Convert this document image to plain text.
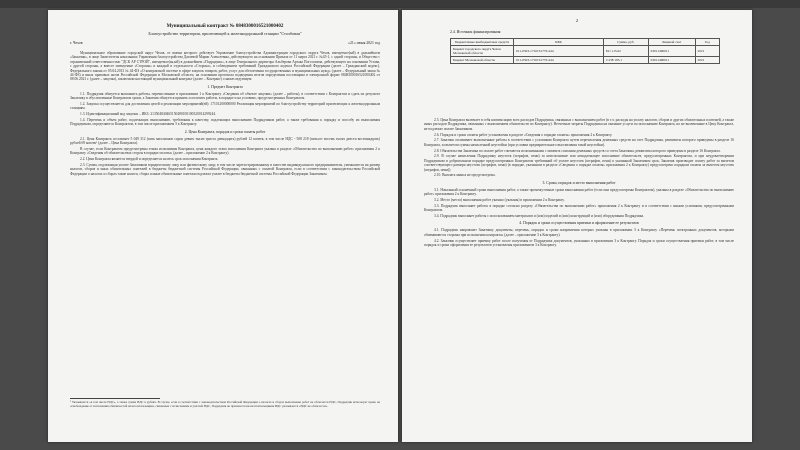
Муниципальный контракт № 0848300016521000402
Благоустройство территории, прилегающей к железнодорожной станции "Столбовая"
г. Чехов	«21» июня 2021 год
Муниципальное образование городской округ Чехов, от имени которого действует Управление благоустройства Администрации городского округа Чехов, именуемое(ый) в дальнейшем «Заказчик», в лице Заместителя начальника Управления благоустройства Дагаевой Марии Алексеевны, действующего на основании Приказа от 11 марта 2021 г. №45-1, с одной стороны, и Общество с ограниченной ответственностью "ДСК АР СТРОЙ", именуемое(ая,ый) в дальнейшем «Подрядчик», в лице Генерального директора Альберова Артака Погосовича, действующего на основании Устава, с другой стороны, а вместе именуемые «Стороны» и каждый в отдельности «Сторона», в соблюдением требований Гражданского кодекса Российской Федерации (далее – Гражданский кодекс), Федерального закона от 05.04.2013 № 44-ФЗ «О контрактной системе в сфере закупок товаров, работ, услуг для обеспечения государственных и муниципальных нужд» (далее – Федеральный закон № 44-ФЗ) и иных правовых актов Российской Федерации и Московской области, на основании протокола подведения итогов определения поставщика в электронной форме 0848300016521000402 от 08.06.2021 г. (далее – закупка), заключили настоящий муниципальный контракт (далее – Контракт) о нижеследующем:
1. Предмет Контракта
1.1. Подрядчик обязуется выполнить работы, перечисленные в приложении 1 к Контракту «Сведения об объекте закупки» (далее – работы), в соответствии с Контрактом и сдать их результат Заказчику в обусловленные Контрактом сроки, а Заказчик обязуется принять и оплатить работы, в порядке и на условиях, предусмотренных Контрактом.
1.2. Закупка осуществляется для достижения целей и реализации мероприятий(ей): 17101200000000 Реализация мероприятий по благоустройству территорий прилегающих к железнодорожным станциям.
1.3. Идентификационный код закупки – ИКЗ: 213504840465150480100100320014299244.
1.4. Перечень и объем работ, подлежащих выполнению, требования к качеству, подлежащих выполнению Подрядчиком работ, а также требования к порядку и способу их выполнения Подрядчиком, определяются Контрактом, в том числе приложением 5 к Контракту.
2. Цена Контракта, порядок и сроки оплаты работ
2.1. Цена Контракта составляет 5 049 312 (пять миллионов сорок девять тысяч триста двенадцать) рублей 12 копеек, в том числе НДС - 508 218 (пятьсот восемь тысяч двести восемнадцать) рублей 69 копеек¹ (далее – Цена Контракта).
В случае, если Контрактом предусмотрены этапы исполнения Контракта, цена каждого этапа исполнения Контракта указана в разделе «Обязательства по выполнению работ» приложения 2 к Контракту «Сведения об обязательствах сторон в порядке оплаты» (далее – приложение 2 к Контракту).
2.2. Цена Контракта является твердой и определяется на весь срок исполнения Контракта.
2.3. Сумма, подлежащая уплате Заказчиком юридическому лицу или физическому лицу, в том числе зарегистрированному в качестве индивидуального предпринимателя, уменьшается на размер налогов, сборов и иных обязательных платежей в бюджеты бюджетной системы Российской Федерации, связанных с оплатой Контракта, если в соответствии с законодательством Российской Федерации о налогах и сборах такие налоги, сборы и иные обязательные платежи подлежат уплате в бюджеты бюджетной системы Российской Федерации Заказчиком.
¹ Указывается «в том числе НДС», а также сумма НДС в рублях. В случае, если в соответствии с законодательством Российской Федерации о налогах и сборах выполнение работ не облагается НДС, Подрядчик использует право на освобождение от исполнения обязанностей налогоплательщика, связанных с исчислением и уплатой НДС, Подрядчик не признается налогоплательщиком НДС указывается «НДС не облагается».
2
2.4. Источник финансирования:
Бюджет/иные внебюджетные средств	КБК	Сумма, руб.	Лицевой счет	Год
Бюджет городского округа Чехов Московской области	011-0503-17101S1770-244	811 115.02	03011490011	2021
Бюджет Московской области	011-0503-17101S1770-244	2 238 195.1	03011490011	2021
2.5. Цена Контракта включает в себя компенсацию всех расходов Подрядчика, связанных с выполнением работ (в т.ч. расходы на уплату налогов, сборов и других обязательных платежей, а также иных расходов Подрядчика, связанных с выполнением обязательств по Контракту). Несчетные затраты Подрядчика на оказание услуги по исполнению Контракта, но не включенные в Цену Контракта, не подлежат оплате Заказчиком.
2.6. Порядок и сроки оплаты работ установлены в разделе «Сведения о порядке оплаты» приложения 2 к Контракту.
2.7. Заказчик оплачивает выполненные работы в соответствии с условиями Контракта путем перечисления денежных средств на счет Подрядчика, реквизиты которого приведены в разделе 16 Контракта, за вычетом суммы начисленной неустойки (при условии предварительного выставления такой неустойки).
2.8. Обязательства Заказчика по оплате работ считаются исполненными с момента списания денежных средств со счета Заказчика, реквизиты которого приведены в разделе 16 Контракта.
2.9. В случае начисления Подрядчику неустоек (штрафов, пени) за неисполнение или ненадлежащее исполнение обязательств, предусмотренных Контрактом, и при неудовлетворении Подрядчиком в добровольном порядке предусмотренных Контрактом требований об уплате неустоек (штрафов, пени) к указанный Заказчиком срок, Заказчик производит оплату работ за вычетом соответствующего размера неустоек (штрафов, пени) (в порядке, указанном в разделе «Сведения о порядке оплаты» приложения 2 к Контракту) предусмотрено порядком оплаты за вычетом неустоек (штрафов, пени)).
2.10. Выплата аванса не предусмотрена.
3. Сроки, порядок и место выполнения работ
3.1. Начальный и конечный сроки выполнения работ, а также промежуточные сроки выполнения работ (если они предусмотрены Контрактом), указаны в разделе «Обязательства по выполнению работ» приложения 2 к Контракту.
3.2. Место (места) выполнения работ указано (указаны) в приложении 2 к Контракту.
3.3. Подрядчик выполняет работы в порядке согласно разделу «Обязательства по выполнению работ» приложения 2 к Контракту и в соответствии с иными условиями, предусмотренными Контрактом.
3.4. Подрядчик выполняет работы с использованием материалов и (или) изделий и (или) конструкций и (или) оборудования Подрядчика.
4. Порядок и сроки осуществления приемки и оформление ее результатов
4.1. Подрядчик направляет Заказчику документы, перечень, порядок и сроки направления которых указаны в приложении 3 к Контракту «Перечень электронных документов, которыми обмениваются стороны при исполнении контракта» (далее – приложение 3 к Контракту).
4.2. Заказчик осуществляет приемку работ после получения от Подрядчика документов, указанных в приложении 3 к Контракту. Порядок и сроки осуществления приемки работ, в том числе порядок и сроки оформления ее результатов установлены приложением 3 к Контракту.
